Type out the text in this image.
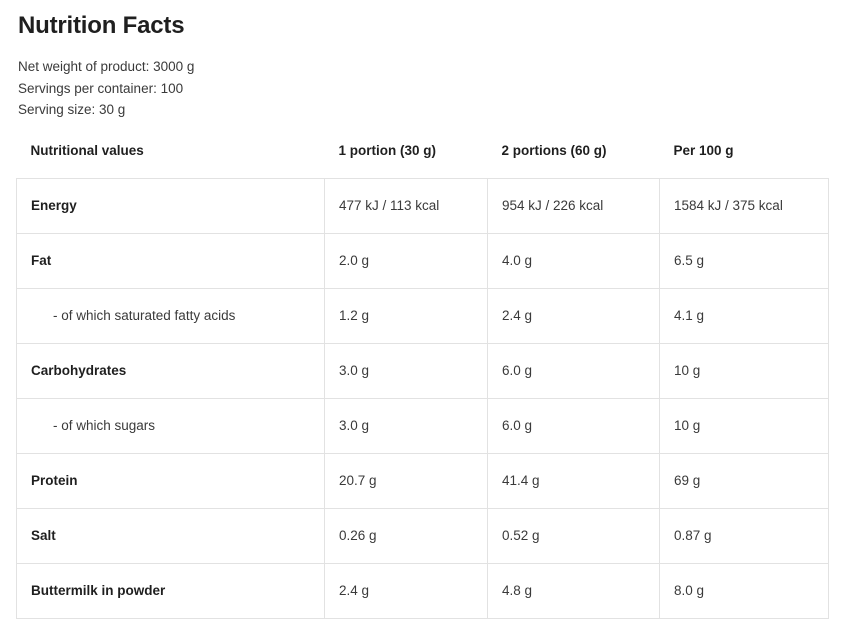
Nutrition Facts
Net weight of product: 3000 g
Servings per container: 100
Serving size: 30 g
Nutritional values	1 portion (30 g)	2 portions (60 g)	Per 100 g
Energy	477 kJ / 113 kcal	954 kJ / 226 kcal	1584 kJ / 375 kcal
Fat	2.0 g	4.0 g	6.5 g
- of which saturated fatty acids	1.2 g	2.4 g	4.1 g
Carbohydrates	3.0 g	6.0 g	10 g
- of which sugars	3.0 g	6.0 g	10 g
Protein	20.7 g	41.4 g	69 g
Salt	0.26 g	0.52 g	0.87 g
Buttermilk in powder	2.4 g	4.8 g	8.0 g
